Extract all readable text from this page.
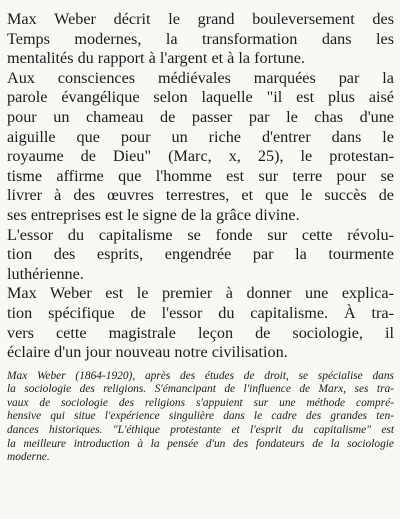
Max Weber décrit le grand bouleversement des
Temps modernes, la transformation dans les
mentalités du rapport à l'argent et à la fortune.

Aux consciences médiévales marquées par la
parole évangélique selon laquelle "il est plus aisé
pour un chameau de passer par le chas d'une
aiguille que pour un riche d'entrer dans le
royaume de Dieu" (Marc, x, 25), le protestan-
tisme affirme que l'homme est sur terre pour se
livrer à des œuvres terrestres, et que le succès de
ses entreprises est le signe de la grâce divine.

L'essor du capitalisme se fonde sur cette révolu-
tion des esprits, engendrée par la tourmente
luthérienne.

Max Weber est le premier à donner une explica-
tion spécifique de l'essor du capitalisme. À tra-
vers cette magistrale leçon de sociologie, il
éclaire d'un jour nouveau notre civilisation.

Max Weber (1864-1920), après des études de droit, se spécialise dans
la sociologie des religions. S'émancipant de l'influence de Marx, ses tra-
vaux de sociologie des religions s'appuient sur une méthode compré-
hensive qui situe l'expérience singulière dans le cadre des grandes ten-
dances historiques. "L'éthique protestante et l'esprit du capitalisme" est
la meilleure introduction à la pensée d'un des fondateurs de la sociologie
moderne.
